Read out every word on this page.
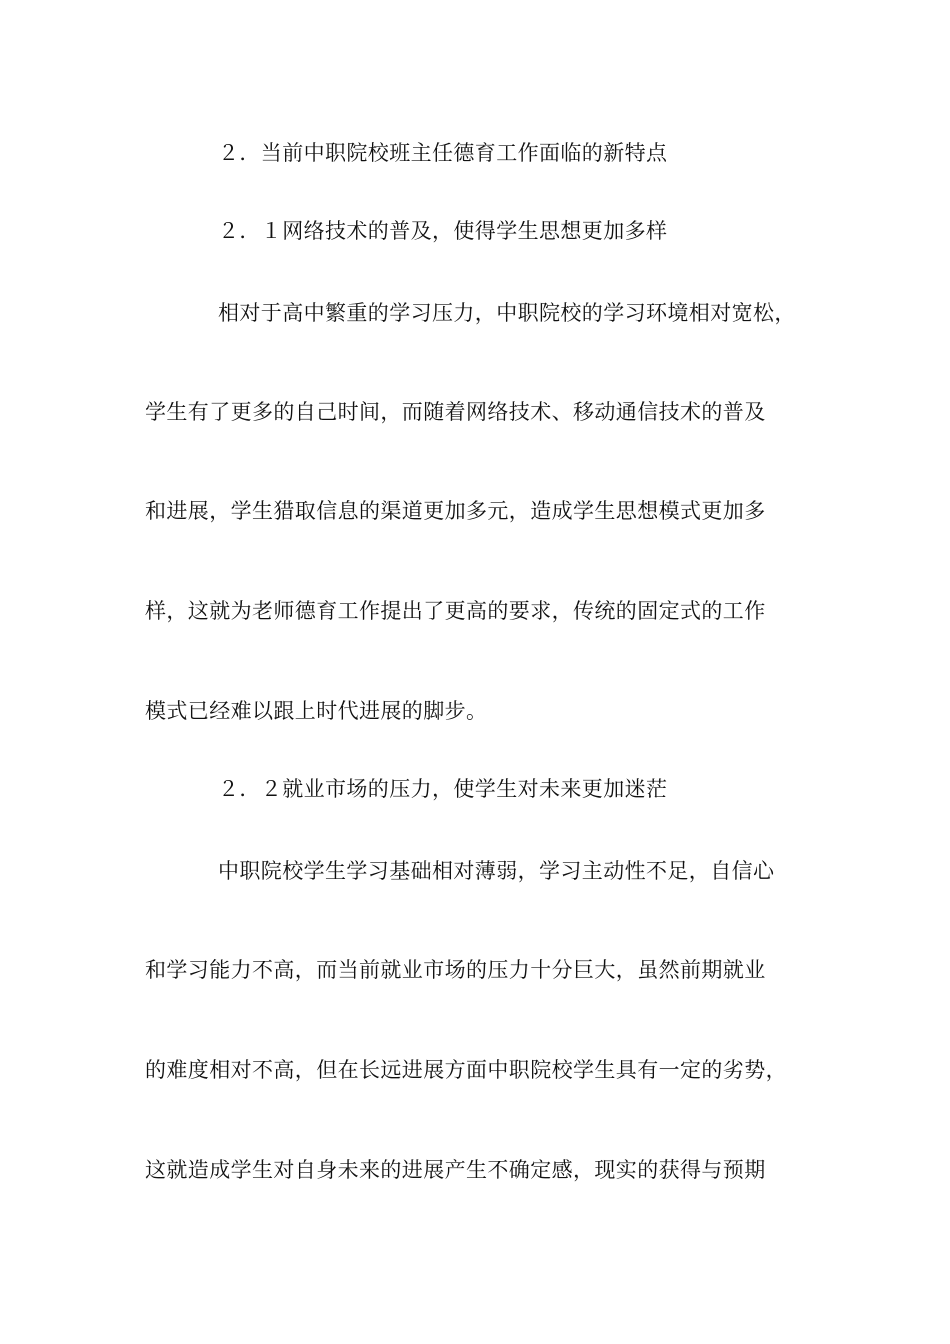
２．当前中职院校班主任德育工作面临的新特点
２．１网络技术的普及，使得学生思想更加多样
相对于高中繁重的学习压力，中职院校的学习环境相对宽松，
学生有了更多的自己时间，而随着网络技术、移动通信技术的普及
和进展，学生猎取信息的渠道更加多元，造成学生思想模式更加多
样，这就为老师德育工作提出了更高的要求，传统的固定式的工作
模式已经难以跟上时代进展的脚步。
２．２就业市场的压力，使学生对未来更加迷茫
中职院校学生学习基础相对薄弱，学习主动性不足，自信心
和学习能力不高，而当前就业市场的压力十分巨大，虽然前期就业
的难度相对不高，但在长远进展方面中职院校学生具有一定的劣势，
这就造成学生对自身未来的进展产生不确定感，现实的获得与预期
